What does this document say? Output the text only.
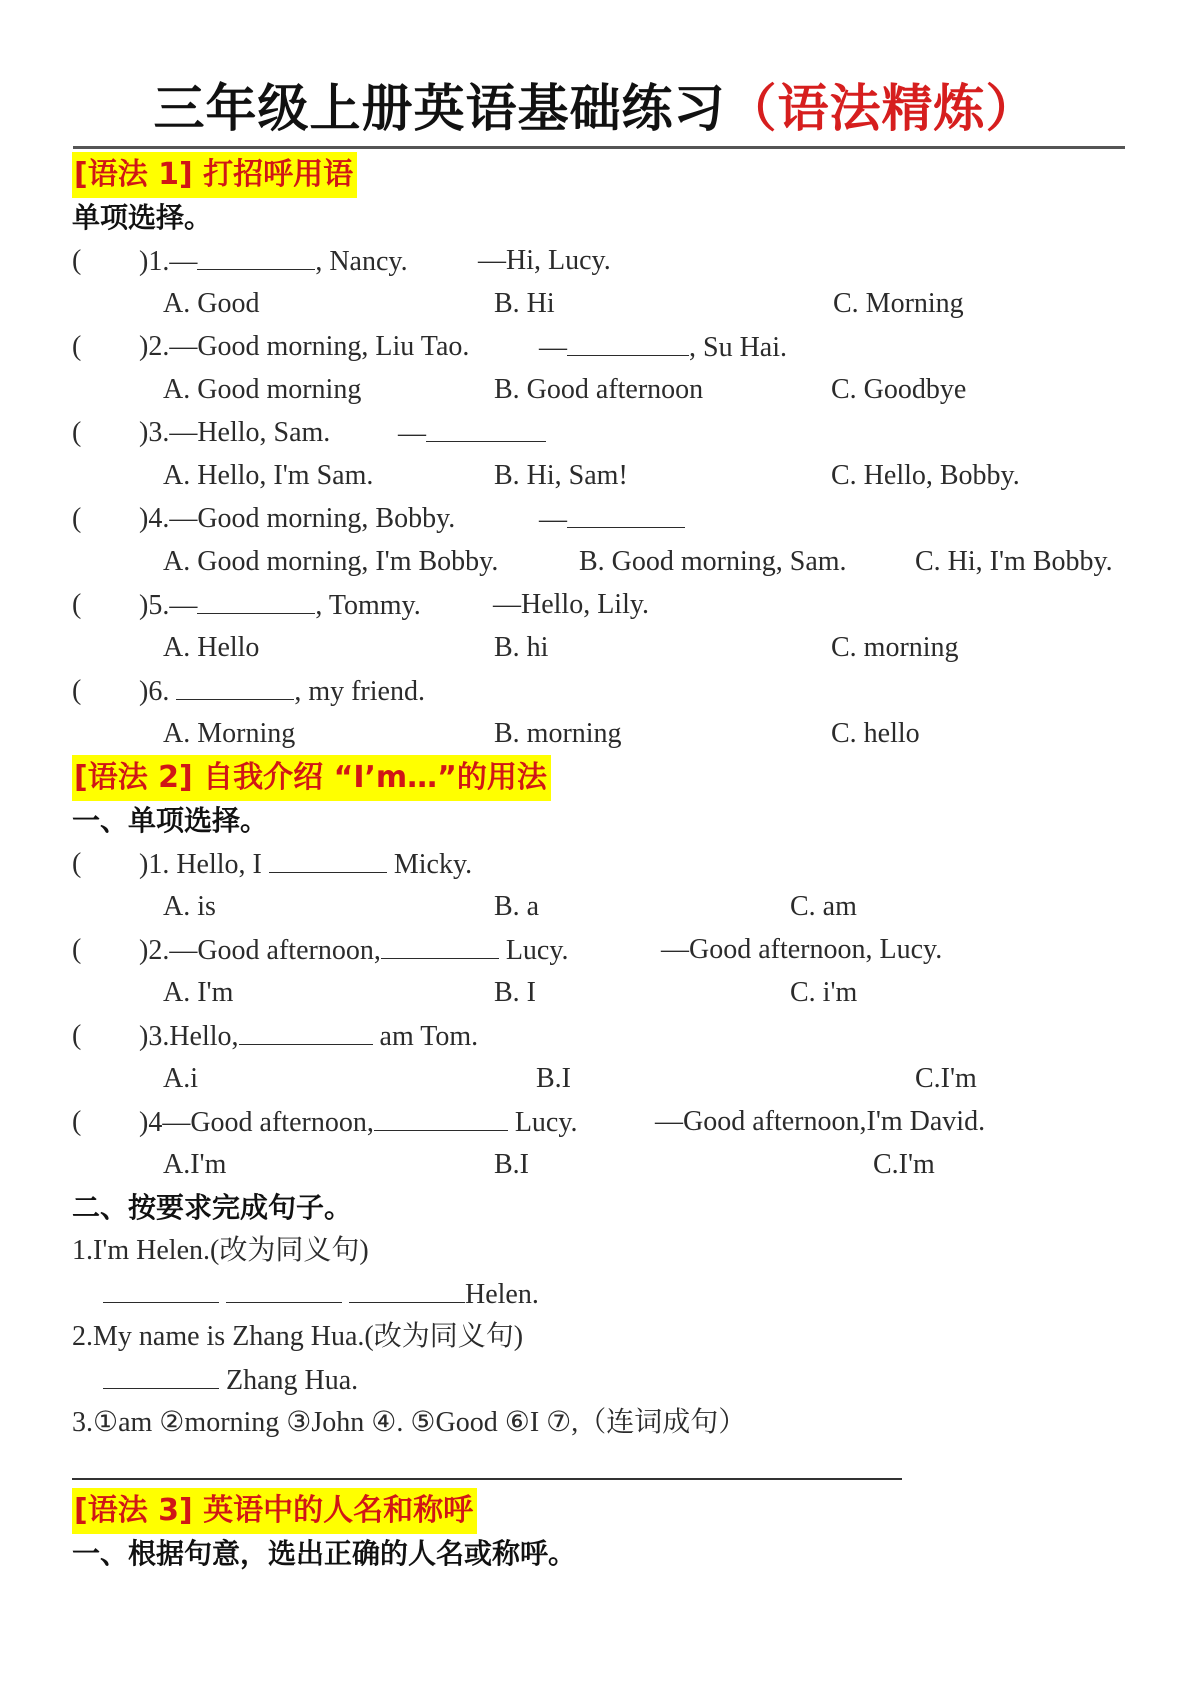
三年级上册英语基础练习（语法精炼）
[语法 1] 打招呼用语
单项选择。
( )1.—	, Nancy.	—Hi, Lucy.
A. Good	B. Hi	C. Morning
( )2.—Good morning, Liu Tao. —	, Su Hai.
A. Good morning	B. Good afternoon	C. Goodbye
( )3.—Hello, Sam. —
A. Hello, I'm Sam.	B. Hi, Sam!	C. Hello, Bobby.
( )4.—Good morning, Bobby.	—
A. Good morning, I'm Bobby.	B. Good morning, Sam. C. Hi, I'm Bobby.
( )5.—	, Tommy.	—Hello, Lily.
A. Hello	B. hi	C. morning
( )6.	, my friend.
A. Morning	B. morning	C. hello
[语法 2] 自我介绍 “I’m…”的用法
一、单项选择。
( )1. Hello, I	Micky.
A. is	B. a	C. am
( )2.—Good afternoon,	Lucy.	—Good afternoon, Lucy.
A. I'm	B. I	C. i'm
( )3.Hello,	am Tom.
A.i	B.I	C.I'm
( )4—Good afternoon,	Lucy.	—Good afternoon,I'm David.
A.I'm	B.I	C.I'm
二、按要求完成句子。
1.I'm Helen.(改为同义句)
Helen.
2.My name is Zhang Hua.(改为同义句)
Zhang Hua.
3.①am ②morning ③John ④. ⑤Good ⑥I ⑦,（连词成句）
[语法 3] 英语中的人名和称呼
一、根据句意，选出正确的人名或称呼。
